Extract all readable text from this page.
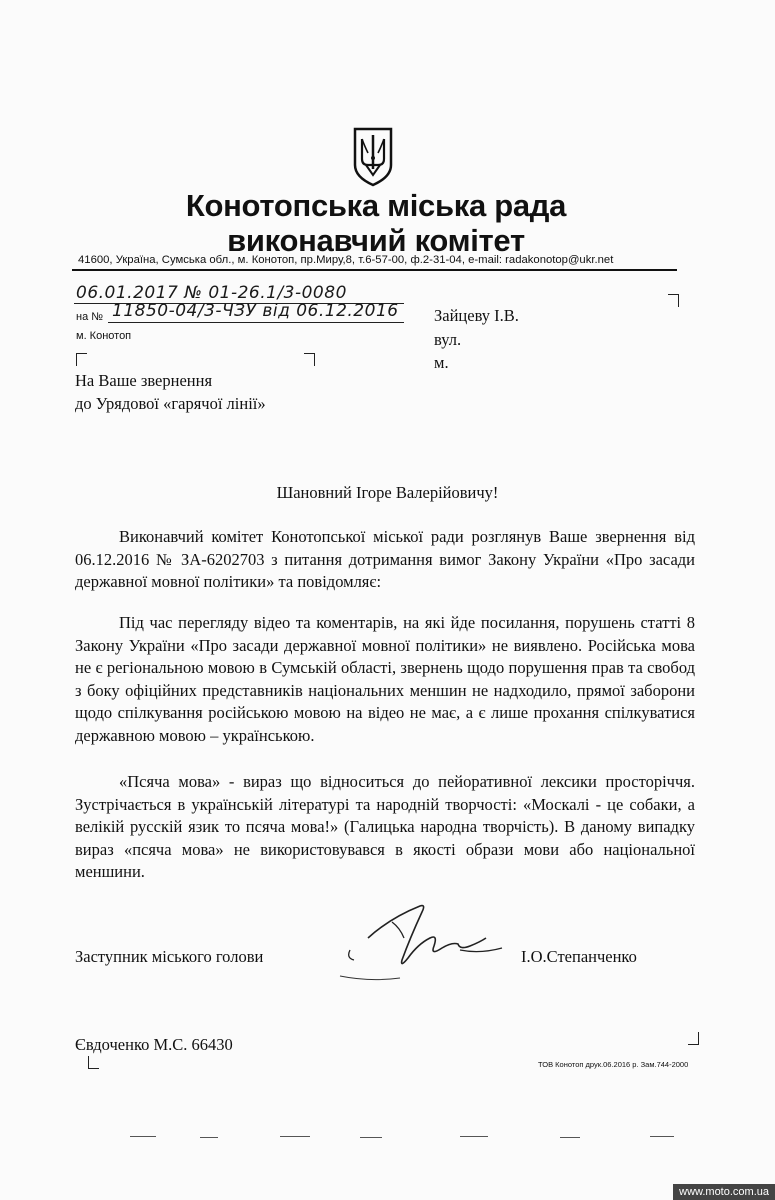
Конотопська міська рада
виконавчий комітет
41600, Україна, Сумська обл., м. Конотоп, пр.Миру,8, т.6-57-00, ф.2-31-04, e-mail: radakonotop@ukr.net
06.01.2017 № 01-26.1/3-0080
на № 11850-04/3-ЧЗУ від 06.12.2016
м. Конотоп
Зайцеву І.В.
вул.
м.
На Ваше звернення
до Урядової «гарячої лінії»
Шановний Ігоре Валерійовичу!

Виконавчий комітет Конотопської міської ради розглянув Ваше звернення від 06.12.2016 № ЗА-6202703 з питання дотримання вимог Закону України «Про засади державної мовної політики» та повідомляє:

Під час перегляду відео та коментарів, на які йде посилання, порушень статті 8 Закону України «Про засади державної мовної політики» не виявлено. Російська мова не є регіональною мовою в Сумській області, звернень щодо порушення прав та свобод з боку офіційних представників національних меншин не надходило, прямої заборони щодо спілкування російською мовою на відео не має, а є лише прохання спілкуватися державною мовою – українською.

«Псяча мова» - вираз що відноситься до пейоративної лексики просторіччя. Зустрічається в українській літературі та народній творчості: «Москалі - це собаки, а велікій русскій язик то псяча мова!» (Галицька народна творчість). В даному випадку вираз «псяча мова» не використовувався в якості образи мови або національної меншини.

Заступник міського голови	І.О.Степанченко
Євдоченко М.С. 66430
ТОВ Конотоп друк.06.2016 р. Зам.744-2000
www.moto.com.ua
